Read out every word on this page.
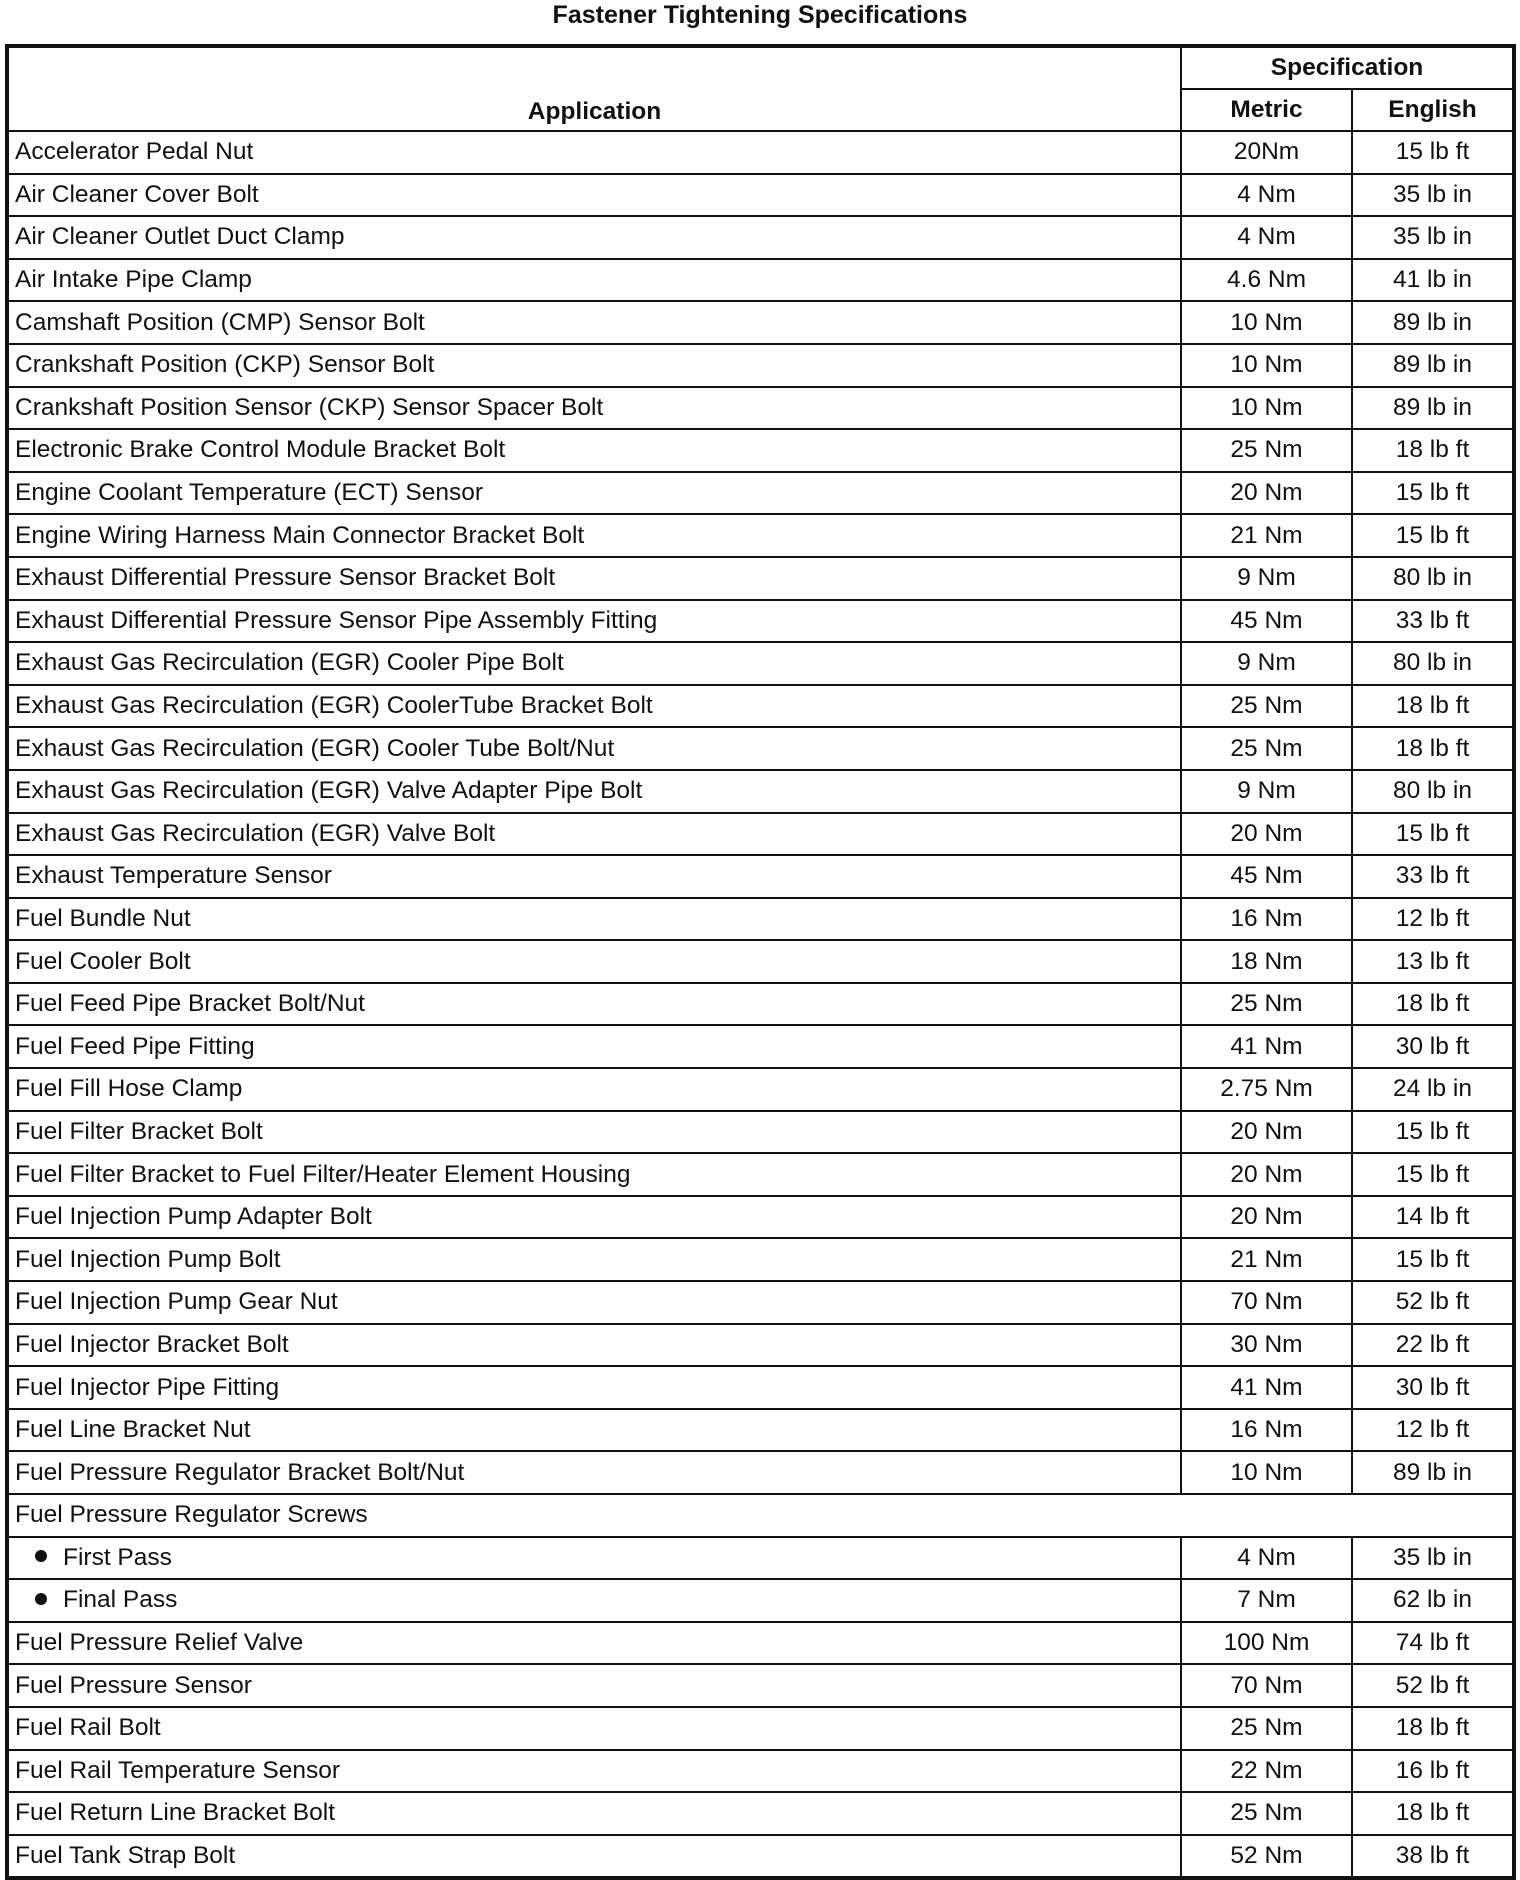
Fastener Tightening Specifications
Application	Specification	
	Metric	English
Accelerator Pedal Nut	20Nm	15 lb ft
Air Cleaner Cover Bolt	4 Nm	35 lb in
Air Cleaner Outlet Duct Clamp	4 Nm	35 lb in
Air Intake Pipe Clamp	4.6 Nm	41 lb in
Camshaft Position (CMP) Sensor Bolt	10 Nm	89 lb in
Crankshaft Position (CKP) Sensor Bolt	10 Nm	89 lb in
Crankshaft Position Sensor (CKP) Sensor Spacer Bolt	10 Nm	89 lb in
Electronic Brake Control Module Bracket Bolt	25 Nm	18 lb ft
Engine Coolant Temperature (ECT) Sensor	20 Nm	15 lb ft
Engine Wiring Harness Main Connector Bracket Bolt	21 Nm	15 lb ft
Exhaust Differential Pressure Sensor Bracket Bolt	9 Nm	80 lb in
Exhaust Differential Pressure Sensor Pipe Assembly Fitting	45 Nm	33 lb ft
Exhaust Gas Recirculation (EGR) Cooler Pipe Bolt	9 Nm	80 lb in
Exhaust Gas Recirculation (EGR) CoolerTube Bracket Bolt	25 Nm	18 lb ft
Exhaust Gas Recirculation (EGR) Cooler Tube Bolt/Nut	25 Nm	18 lb ft
Exhaust Gas Recirculation (EGR) Valve Adapter Pipe Bolt	9 Nm	80 lb in
Exhaust Gas Recirculation (EGR) Valve Bolt	20 Nm	15 lb ft
Exhaust Temperature Sensor	45 Nm	33 lb ft
Fuel Bundle Nut	16 Nm	12 lb ft
Fuel Cooler Bolt	18 Nm	13 lb ft
Fuel Feed Pipe Bracket Bolt/Nut	25 Nm	18 lb ft
Fuel Feed Pipe Fitting	41 Nm	30 lb ft
Fuel Fill Hose Clamp	2.75 Nm	24 lb in
Fuel Filter Bracket Bolt	20 Nm	15 lb ft
Fuel Filter Bracket to Fuel Filter/Heater Element Housing	20 Nm	15 lb ft
Fuel Injection Pump Adapter Bolt	20 Nm	14 lb ft
Fuel Injection Pump Bolt	21 Nm	15 lb ft
Fuel Injection Pump Gear Nut	70 Nm	52 lb ft
Fuel Injector Bracket Bolt	30 Nm	22 lb ft
Fuel Injector Pipe Fitting	41 Nm	30 lb ft
Fuel Line Bracket Nut	16 Nm	12 lb ft
Fuel Pressure Regulator Bracket Bolt/Nut	10 Nm	89 lb in
Fuel Pressure Regulator Screws		
First Pass	4 Nm	35 lb in
Final Pass	7 Nm	62 lb in
Fuel Pressure Relief Valve	100 Nm	74 lb ft
Fuel Pressure Sensor	70 Nm	52 lb ft
Fuel Rail Bolt	25 Nm	18 lb ft
Fuel Rail Temperature Sensor	22 Nm	16 lb ft
Fuel Return Line Bracket Bolt	25 Nm	18 lb ft
Fuel Tank Strap Bolt	52 Nm	38 lb ft
